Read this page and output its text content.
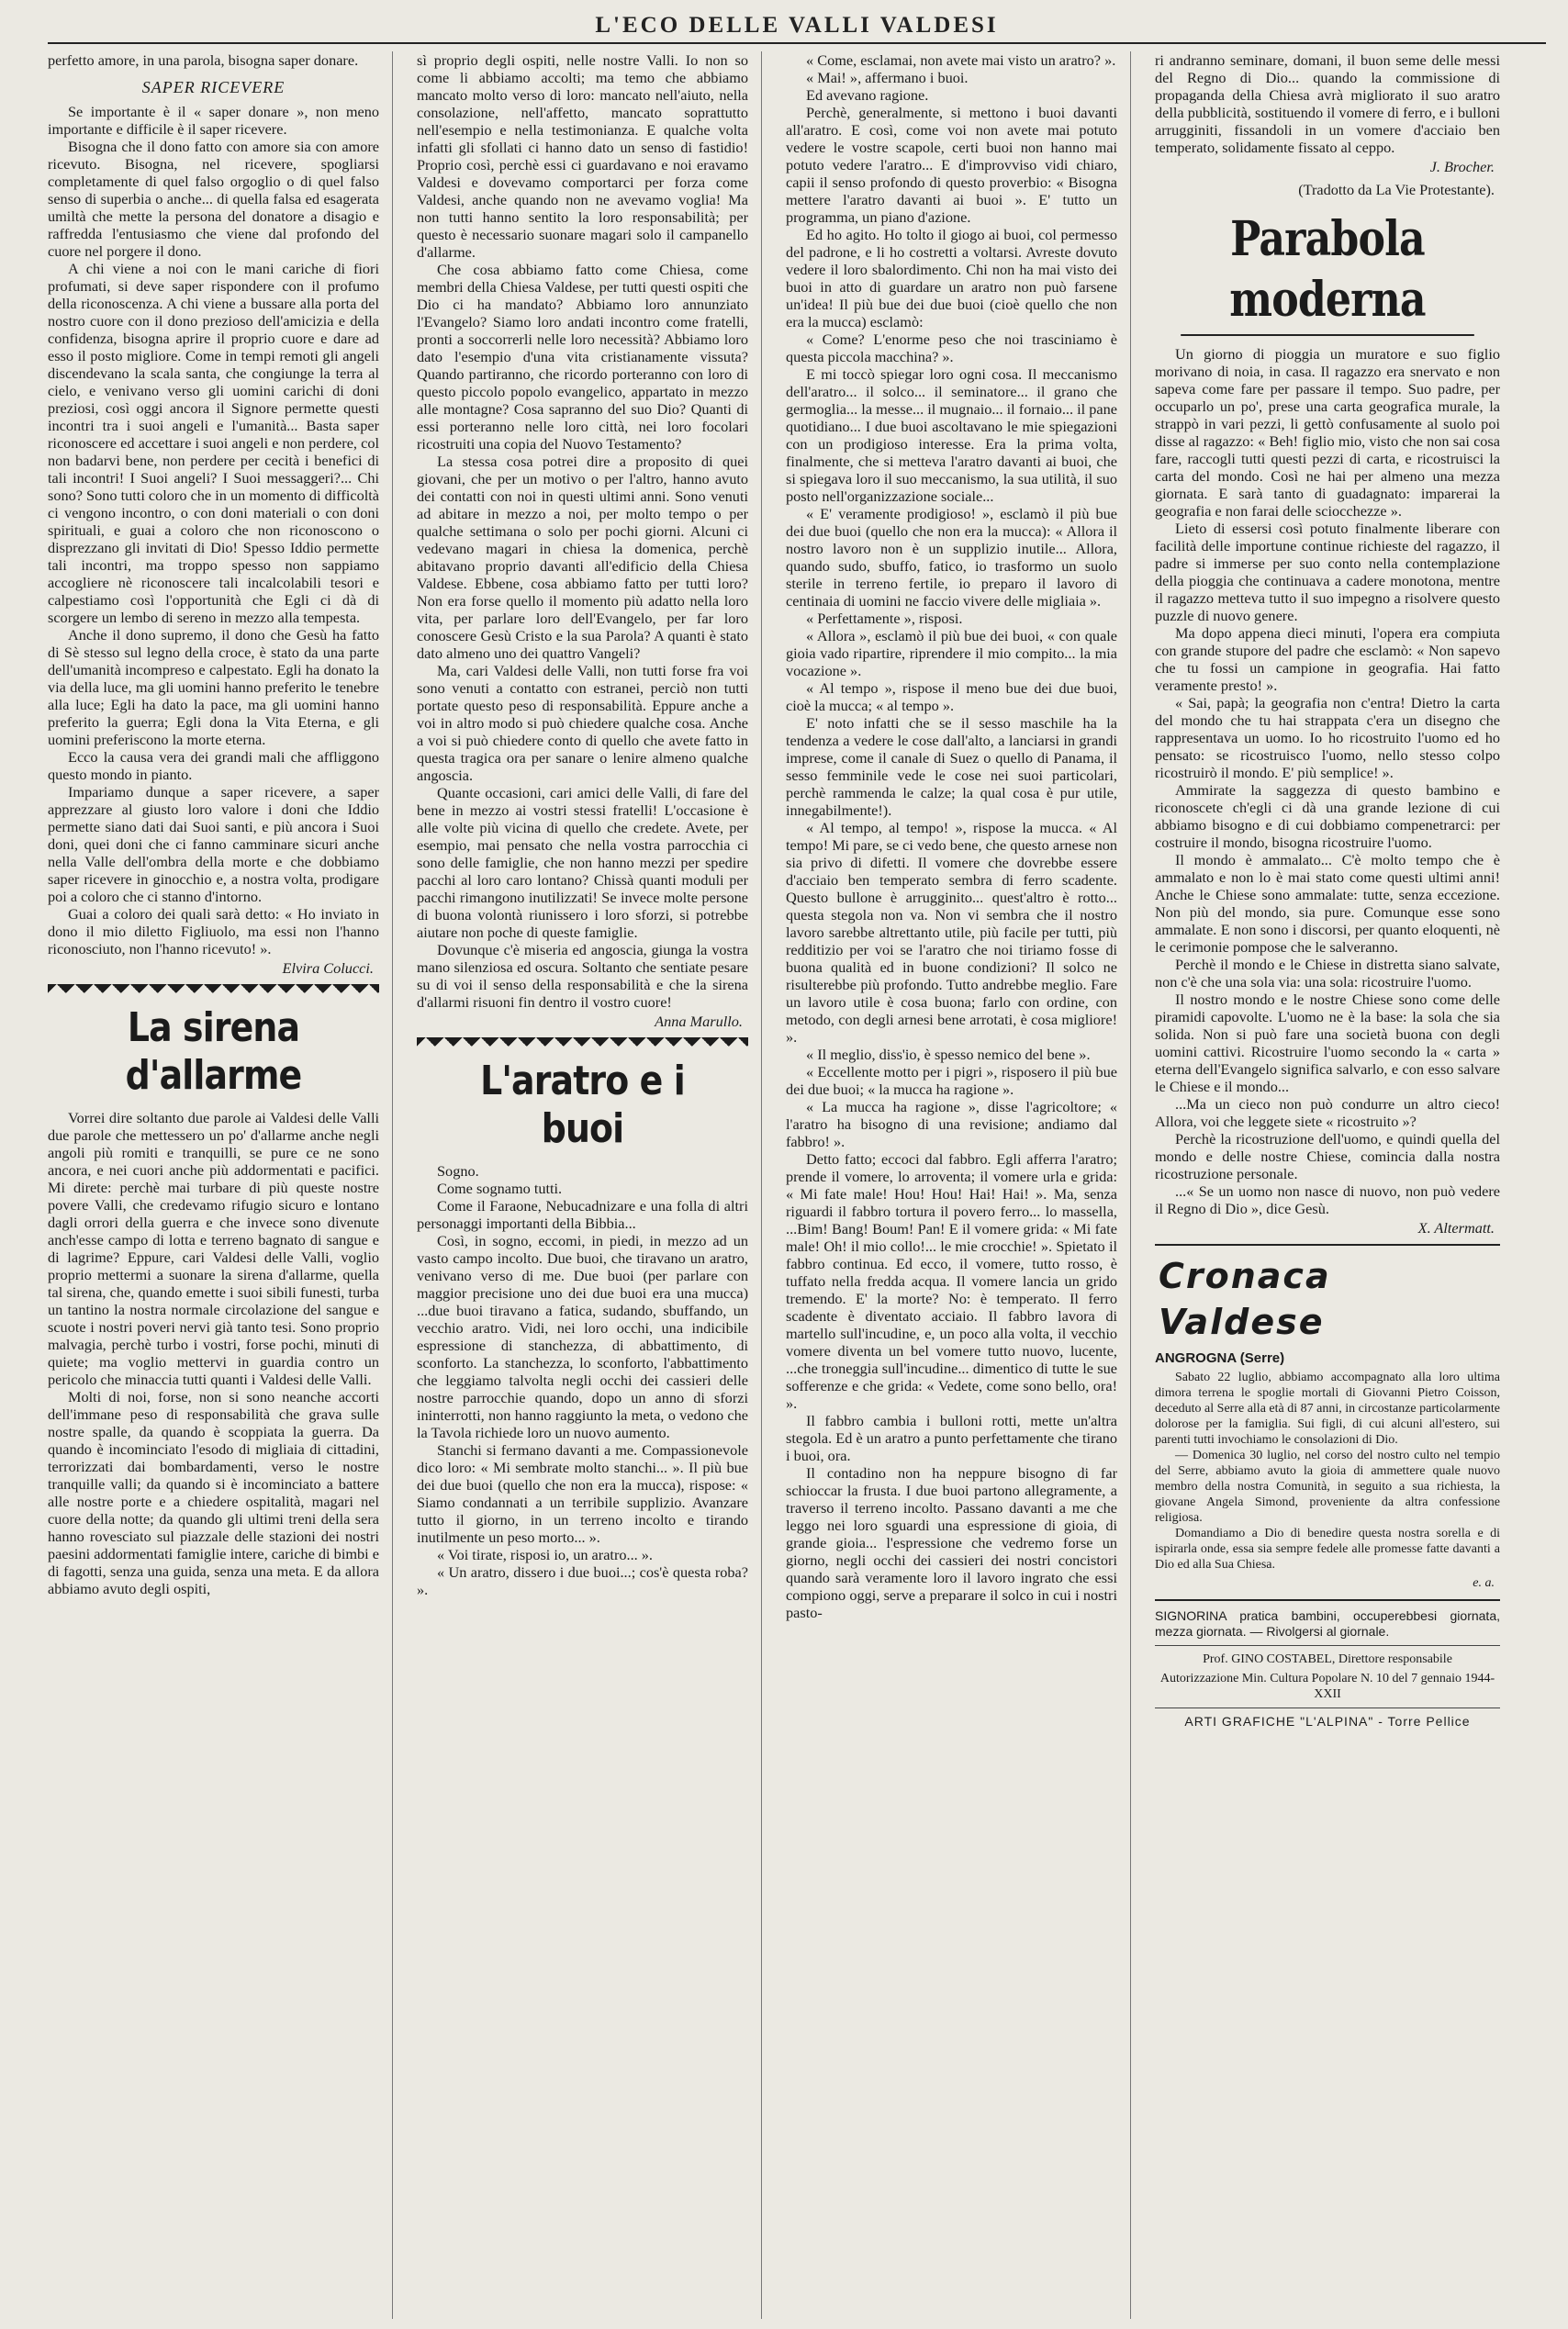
L'ECO DELLE VALLI VALDESI

perfetto amore, in una parola, bisogna saper donare.

SAPER RICEVERE

Se importante è il « saper donare », non meno importante e difficile è il saper ricevere.

Bisogna che il dono fatto con amore sia con amore ricevuto. Bisogna, nel ricevere, spogliarsi completamente di quel falso orgoglio o di quel falso senso di superbia o anche... di quella falsa ed esagerata umiltà che mette la persona del donatore a disagio e raffredda l'entusiasmo che viene dal profondo del cuore nel porgere il dono.

A chi viene a noi con le mani cariche di fiori profumati, si deve saper rispondere con il profumo della riconoscenza. A chi viene a bussare alla porta del nostro cuore con il dono prezioso dell'amicizia e della confidenza, bisogna aprire il proprio cuore e dare ad esso il posto migliore. Come in tempi remoti gli angeli discendevano la scala santa, che congiunge la terra al cielo, e venivano verso gli uomini carichi di doni preziosi, così oggi ancora il Signore permette questi incontri tra i suoi angeli e l'umanità... Basta saper riconoscere ed accettare i suoi angeli e non perdere, col non badarvi bene, non perdere per cecità i benefici di tali incontri! I Suoi angeli? I Suoi messaggeri?... Chi sono? Sono tutti coloro che in un momento di difficoltà ci vengono incontro, o con doni materiali o con doni spirituali, e guai a coloro che non riconoscono o disprezzano gli invitati di Dio! Spesso Iddio permette tali incontri, ma troppo spesso non sappiamo accogliere nè riconoscere tali incalcolabili tesori e calpestiamo così l'opportunità che Egli ci dà di scorgere un lembo di sereno in mezzo alla tempesta.

Anche il dono supremo, il dono che Gesù ha fatto di Sè stesso sul legno della croce, è stato da una parte dell'umanità incompreso e calpestato. Egli ha donato la via della luce, ma gli uomini hanno preferito le tenebre alla luce; Egli ha dato la pace, ma gli uomini hanno preferito la guerra; Egli dona la Vita Eterna, e gli uomini preferiscono la morte eterna.

Ecco la causa vera dei grandi mali che affliggono questo mondo in pianto.

Impariamo dunque a saper ricevere, a saper apprezzare al giusto loro valore i doni che Iddio permette siano dati dai Suoi santi, e più ancora i Suoi doni, quei doni che ci fanno camminare sicuri anche nella Valle dell'ombra della morte e che dobbiamo saper ricevere in ginocchio e, a nostra volta, prodigare poi a coloro che ci stanno d'intorno.

Guai a coloro dei quali sarà detto: « Ho inviato in dono il mio diletto Figliuolo, ma essi non l'hanno riconosciuto, non l'hanno ricevuto! ».

Elvira Colucci.
La sirena d'allarme

Vorrei dire soltanto due parole ai Valdesi delle Valli due parole che mettessero un po' d'allarme anche negli angoli più romiti e tranquilli, se pure ce ne sono ancora, e nei cuori anche più addormentati e pacifici. Mi direte: perchè mai turbare di più queste nostre povere Valli, che credevamo rifugio sicuro e lontano dagli orrori della guerra e che invece sono divenute anch'esse campo di lotta e terreno bagnato di sangue e di lagrime? Eppure, cari Valdesi delle Valli, voglio proprio mettermi a suonare la sirena d'allarme, quella tal sirena, che, quando emette i suoi sibili funesti, turba un tantino la nostra normale circolazione del sangue e scuote i nostri poveri nervi già tanto tesi. Sono proprio malvagia, perchè turbo i vostri, forse pochi, minuti di quiete; ma voglio mettervi in guardia contro un pericolo che minaccia tutti quanti i Valdesi delle Valli.

Molti di noi, forse, non si sono neanche accorti dell'immane peso di responsabilità che grava sulle nostre spalle, da quando è scoppiata la guerra. Da quando è incominciato l'esodo di migliaia di cittadini, terrorizzati dai bombardamenti, verso le nostre tranquille valli; da quando si è incominciato a battere alle nostre porte e a chiedere ospitalità, magari nel cuore della notte; da quando gli ultimi treni della sera hanno rovesciato sul piazzale delle stazioni dei nostri paesini addormentati famiglie intere, cariche di bimbi e di fagotti, senza una guida, senza una meta. E da allora abbiamo avuto degli ospiti,

sì proprio degli ospiti, nelle nostre Valli. Io non so come li abbiamo accolti; ma temo che abbiamo mancato molto verso di loro: mancato nell'aiuto, nella consolazione, nell'affetto, mancato soprattutto nell'esempio e nella testimonianza. E qualche volta infatti gli sfollati ci hanno dato un senso di fastidio! Proprio così, perchè essi ci guardavano e noi eravamo Valdesi e dovevamo comportarci per forza come Valdesi, anche quando non ne avevamo voglia! Ma non tutti hanno sentito la loro responsabilità; per questo è necessario suonare magari solo il campanello d'allarme.

Che cosa abbiamo fatto come Chiesa, come membri della Chiesa Valdese, per tutti questi ospiti che Dio ci ha mandato? Abbiamo loro annunziato l'Evangelo? Siamo loro andati incontro come fratelli, pronti a soccorrerli nelle loro necessità? Abbiamo loro dato l'esempio d'una vita cristianamente vissuta? Quando partiranno, che ricordo porteranno con loro di questo piccolo popolo evangelico, appartato in mezzo alle montagne? Cosa sapranno del suo Dio? Quanti di essi porteranno nelle loro città, nei loro focolari ricostruiti una copia del Nuovo Testamento?

La stessa cosa potrei dire a proposito di quei giovani, che per un motivo o per l'altro, hanno avuto dei contatti con noi in questi ultimi anni. Sono venuti ad abitare in mezzo a noi, per molto tempo o per qualche settimana o solo per pochi giorni. Alcuni ci vedevano magari in chiesa la domenica, perchè abitavano proprio davanti all'edificio della Chiesa Valdese. Ebbene, cosa abbiamo fatto per tutti loro? Non era forse quello il momento più adatto nella loro vita, per parlare loro dell'Evangelo, per far loro conoscere Gesù Cristo e la sua Parola? A quanti è stato dato almeno uno dei quattro Vangeli?

Ma, cari Valdesi delle Valli, non tutti forse fra voi sono venuti a contatto con estranei, perciò non tutti portate questo peso di responsabilità. Eppure anche a voi in altro modo si può chiedere qualche cosa. Anche a voi si può chiedere conto di quello che avete fatto in questa tragica ora per sanare o lenire almeno qualche angoscia.

Quante occasioni, cari amici delle Valli, di fare del bene in mezzo ai vostri stessi fratelli! L'occasione è alle volte più vicina di quello che credete. Avete, per esempio, mai pensato che nella vostra parrocchia ci sono delle famiglie, che non hanno mezzi per spedire pacchi al loro caro lontano? Chissà quanti moduli per pacchi rimangono inutilizzati! Se invece molte persone di buona volontà riunissero i loro sforzi, si potrebbe aiutare non poche di queste famiglie.

Dovunque c'è miseria ed angoscia, giunga la vostra mano silenziosa ed oscura. Soltanto che sentiate pesare su di voi il senso della responsabilità e che la sirena d'allarmi risuoni fin dentro il vostro cuore!

Anna Marullo.
L'aratro e i buoi

Sogno.

Come sognamo tutti.

Come il Faraone, Nebucadnizare e una folla di altri personaggi importanti della Bibbia...

Così, in sogno, eccomi, in piedi, in mezzo ad un vasto campo incolto. Due buoi, che tiravano un aratro, venivano verso di me. Due buoi (per parlare con maggior precisione uno dei due buoi era una mucca) ...due buoi tiravano a fatica, sudando, sbuffando, un vecchio aratro. Vidi, nei loro occhi, una indicibile espressione di stanchezza, di abbattimento, di sconforto. La stanchezza, lo sconforto, l'abbattimento che leggiamo talvolta negli occhi dei cassieri delle nostre parrocchie quando, dopo un anno di sforzi ininterrotti, non hanno raggiunto la meta, o vedono che la Tavola richiede loro un nuovo aumento.

Stanchi si fermano davanti a me. Compassionevole dico loro: « Mi sembrate molto stanchi... ». Il più bue dei due buoi (quello che non era la mucca), rispose: « Siamo condannati a un terribile supplizio. Avanzare tutto il giorno, in un terreno incolto e tirando inutilmente un peso morto... ».

« Voi tirate, risposi io, un aratro... ».

« Un aratro, dissero i due buoi...; cos'è questa roba? ».

« Come, esclamai, non avete mai visto un aratro? ».

« Mai! », affermano i buoi.

Ed avevano ragione.

Perchè, generalmente, si mettono i buoi davanti all'aratro. E così, come voi non avete mai potuto vedere le vostre scapole, certi buoi non hanno mai potuto vedere l'aratro... E d'improvviso vidi chiaro, capii il senso profondo di questo proverbio: « Bisogna mettere l'aratro davanti ai buoi ». E' tutto un programma, un piano d'azione.

Ed ho agito. Ho tolto il giogo ai buoi, col permesso del padrone, e li ho costretti a voltarsi. Avreste dovuto vedere il loro sbalordimento. Chi non ha mai visto dei buoi in atto di guardare un aratro non può farsene un'idea! Il più bue dei due buoi (cioè quello che non era la mucca) esclamò:

« Come? L'enorme peso che noi trasciniamo è questa piccola macchina? ».

E mi toccò spiegar loro ogni cosa. Il meccanismo dell'aratro... il solco... il seminatore... il grano che germoglia... la messe... il mugnaio... il fornaio... il pane quotidiano... I due buoi ascoltavano le mie spiegazioni con un prodigioso interesse. Era la prima volta, finalmente, che si metteva l'aratro davanti ai buoi, che si spiegava loro il suo meccanismo, la sua utilità, il suo posto nell'organizzazione sociale...

« E' veramente prodigioso! », esclamò il più bue dei due buoi (quello che non era la mucca): « Allora il nostro lavoro non è un supplizio inutile... Allora, quando sudo, sbuffo, fatico, io trasformo un suolo sterile in terreno fertile, io preparo il lavoro di centinaia di uomini ne faccio vivere delle migliaia ».

« Perfettamente », risposi.

« Allora », esclamò il più bue dei buoi, « con quale gioia vado ripartire, riprendere il mio compito... la mia vocazione ».

« Al tempo », rispose il meno bue dei due buoi, cioè la mucca; « al tempo ».

E' noto infatti che se il sesso maschile ha la tendenza a vedere le cose dall'alto, a lanciarsi in grandi imprese, come il canale di Suez o quello di Panama, il sesso femminile vede le cose nei suoi particolari, perchè rammenda le calze; la qual cosa è pur utile, innegabilmente!).

« Al tempo, al tempo! », rispose la mucca. « Al tempo! Mi pare, se ci vedo bene, che questo arnese non sia privo di difetti. Il vomere che dovrebbe essere d'acciaio ben temperato sembra di ferro scadente. Questo bullone è arrugginito... quest'altro è rotto... questa stegola non va. Non vi sembra che il nostro lavoro sarebbe altrettanto utile, più facile per tutti, più redditizio per voi se l'aratro che noi tiriamo fosse di buona qualità ed in buone condizioni? Il solco ne risulterebbe più profondo. Tutto andrebbe meglio. Fare un lavoro utile è cosa buona; farlo con ordine, con metodo, con degli arnesi bene arrotati, è cosa migliore! ».

« Il meglio, diss'io, è spesso nemico del bene ».

« Eccellente motto per i pigri », risposero il più bue dei due buoi; « la mucca ha ragione ».

« La mucca ha ragione », disse l'agricoltore; « l'aratro ha bisogno di una revisione; andiamo dal fabbro! ».

Detto fatto; eccoci dal fabbro. Egli afferra l'aratro; prende il vomere, lo arroventa; il vomere urla e grida: « Mi fate male! Hou! Hou! Hai! Hai! ». Ma, senza riguardi il fabbro tortura il povero ferro... lo massella, ...Bim! Bang! Boum! Pan! E il vomere grida: « Mi fate male! Oh! il mio collo!... le mie crocchie! ». Spietato il fabbro continua. Ed ecco, il vomere, tutto rosso, è tuffato nella fredda acqua. Il vomere lancia un grido tremendo. E' la morte? No: è temperato. Il ferro scadente è diventato acciaio. Il fabbro lavora di martello sull'incudine, e, un poco alla volta, il vecchio vomere diventa un bel vomere tutto nuovo, lucente, ...che troneggia sull'incudine... dimentico di tutte le sue sofferenze e che grida: « Vedete, come sono bello, ora! ».

Il fabbro cambia i bulloni rotti, mette un'altra stegola. Ed è un aratro a punto perfettamente che tirano i buoi, ora.

Il contadino non ha neppure bisogno di far schioccar la frusta. I due buoi partono allegramente, a traverso il terreno incolto. Passano davanti a me che leggo nei loro sguardi una espressione di gioia, di grande gioia... l'espressione che vedremo forse un giorno, negli occhi dei cassieri dei nostri concistori quando sarà veramente loro il lavoro ingrato che essi compiono oggi, serve a preparare il solco in cui i nostri pasto-

ri andranno seminare, domani, il buon seme delle messi del Regno di Dio... quando la commissione di propaganda della Chiesa avrà migliorato il suo aratro della pubblicità, sostituendo il vomere di ferro, e i bulloni arrugginiti, fissandoli in un vomere d'acciaio ben temperato, solidamente fissato al ceppo.

J. Brocher.
(Tradotto da La Vie Protestante).
Parabola moderna

Un giorno di pioggia un muratore e suo figlio morivano di noia, in casa. Il ragazzo era snervato e non sapeva come fare per passare il tempo. Suo padre, per occuparlo un po', prese una carta geografica murale, la strappò in vari pezzi, li gettò confusamente al suolo poi disse al ragazzo: « Beh! figlio mio, visto che non sai cosa fare, raccogli tutti questi pezzi di carta, e ricostruisci la carta del mondo. Così ne hai per almeno una mezza giornata. E sarà tanto di guadagnato: imparerai la geografia e non farai delle sciocchezze ».

Lieto di essersi così potuto finalmente liberare con facilità delle importune continue richieste del ragazzo, il padre si immerse per suo conto nella contemplazione della pioggia che continuava a cadere monotona, mentre il ragazzo metteva tutto il suo impegno a risolvere questo puzzle di nuovo genere.

Ma dopo appena dieci minuti, l'opera era compiuta con grande stupore del padre che esclamò: « Non sapevo che tu fossi un campione in geografia. Hai fatto veramente presto! ».

« Sai, papà; la geografia non c'entra! Dietro la carta del mondo che tu hai strappata c'era un disegno che rappresentava un uomo. Io ho ricostruito l'uomo ed ho pensato: se ricostruisco l'uomo, nello stesso colpo ricostruirò il mondo. E' più semplice! ».

Ammirate la saggezza di questo bambino e riconoscete ch'egli ci dà una grande lezione di cui abbiamo bisogno e di cui dobbiamo compenetrarci: per costruire il mondo, bisogna ricostruire l'uomo.

Il mondo è ammalato... C'è molto tempo che è ammalato e non lo è mai stato come questi ultimi anni! Anche le Chiese sono ammalate: tutte, senza eccezione. Non più del mondo, sia pure. Comunque esse sono ammalate. E non sono i discorsi, per quanto eloquenti, nè le cerimonie pompose che le salveranno.

Perchè il mondo e le Chiese in distretta siano salvate, non c'è che una sola via: una sola: ricostruire l'uomo.

Il nostro mondo e le nostre Chiese sono come delle piramidi capovolte. L'uomo ne è la base: la sola che sia solida. Non si può fare una società buona con degli uomini cattivi. Ricostruire l'uomo secondo la « carta » eterna dell'Evangelo significa salvarlo, e con esso salvare le Chiese e il mondo...

...Ma un cieco non può condurre un altro cieco! Allora, voi che leggete siete « ricostruito »?

Perchè la ricostruzione dell'uomo, e quindi quella del mondo e delle nostre Chiese, comincia dalla nostra ricostruzione personale.

...« Se un uomo non nasce di nuovo, non può vedere il Regno di Dio », dice Gesù.

X. Altermatt.
Cronaca Valdese
ANGROGNA (Serre)

Sabato 22 luglio, abbiamo accompagnato alla loro ultima dimora terrena le spoglie mortali di Giovanni Pietro Coisson, deceduto al Serre alla età di 87 anni, in circostanze particolarmente dolorose per la famiglia. Sui figli, di cui alcuni all'estero, sui parenti tutti invochiamo le consolazioni di Dio.

— Domenica 30 luglio, nel corso del nostro culto nel tempio del Serre, abbiamo avuto la gioia di ammettere quale nuovo membro della nostra Comunità, in seguito a sua richiesta, la giovane Angela Simond, proveniente da altra confessione religiosa.

Domandiamo a Dio di benedire questa nostra sorella e di ispirarla onde, essa sia sempre fedele alle promesse fatte davanti a Dio ed alla Sua Chiesa.

e. a.
SIGNORINA pratica bambini, occuperebbesi giornata, mezza giornata. — Rivolgersi al giornale.
Prof. GINO COSTABEL, Direttore responsabile
Autorizzazione Min. Cultura Popolare N. 10 del 7 gennaio 1944-XXII
ARTI GRAFICHE "L'ALPINA" - Torre Pellice
